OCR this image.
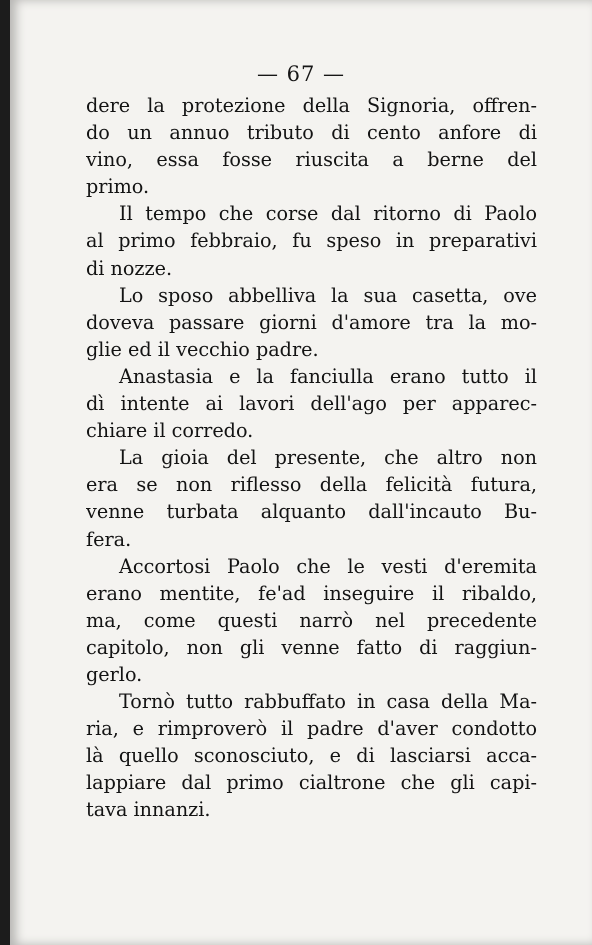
— 67 —
dere la protezione della Signoria, offren-
do un annuo tributo di cento anfore di
vino, essa fosse riuscita a berne del
primo.
Il tempo che corse dal ritorno di Paolo
al primo febbraio, fu speso in preparativi
di nozze.
Lo sposo abbelliva la sua casetta, ove
doveva passare giorni d'amore tra la mo-
glie ed il vecchio padre.
Anastasia e la fanciulla erano tutto il
dì intente ai lavori dell'ago per apparec-
chiare il corredo.
La gioia del presente, che altro non
era se non riflesso della felicità futura,
venne turbata alquanto dall'incauto Bu-
fera.
Accortosi Paolo che le vesti d'eremita
erano mentite, fe'ad inseguire il ribaldo,
ma, come questi narrò nel precedente
capitolo, non gli venne fatto di raggiun-
gerlo.
Tornò tutto rabbuffato in casa della Ma-
ria, e rimproverò il padre d'aver condotto
là quello sconosciuto, e di lasciarsi acca-
lappiare dal primo cialtrone che gli capi-
tava innanzi.
